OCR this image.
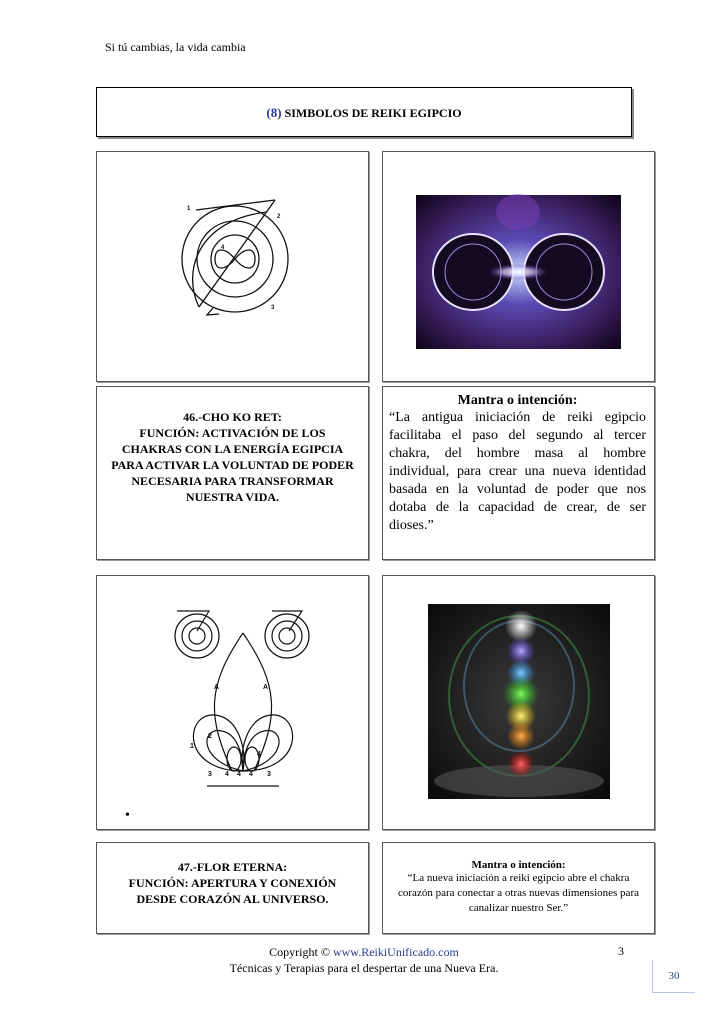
Si tú cambias, la vida cambia
(8) SIMBOLOS DE REIKI EGIPCIO
1
2
3
4
46.-CHO KO RET:
FUNCIÓN: ACTIVACIÓN DE LOS
CHAKRAS CON LA ENERGÍA EGIPCIA
PARA ACTIVAR LA VOLUNTAD DE PODER
NECESARIA PARA TRANSFORMAR
NUESTRA VIDA.
Mantra o intención:
“La antigua iniciación de reiki egipcio facilitaba el paso del segundo al tercer chakra, del hombre masa al hombre individual, para crear una nueva identidad basada en la voluntad de poder que nos dotaba de la capacidad de crear, de ser dioses.”
A	A
1
2
3 4 4 4 3
4
•
47.-FLOR ETERNA:
FUNCIÓN: APERTURA Y CONEXIÓN
DESDE CORAZÓN AL UNIVERSO.
Mantra o intención:
“La nueva iniciación a reiki egipcio abre el chakra corazón para conectar a otras nuevas dimensiones para canalizar nuestro Ser.”
Copyright © www.ReikiUnificado.com
Técnicas y Terapias para el despertar de una Nueva Era.
3
30
